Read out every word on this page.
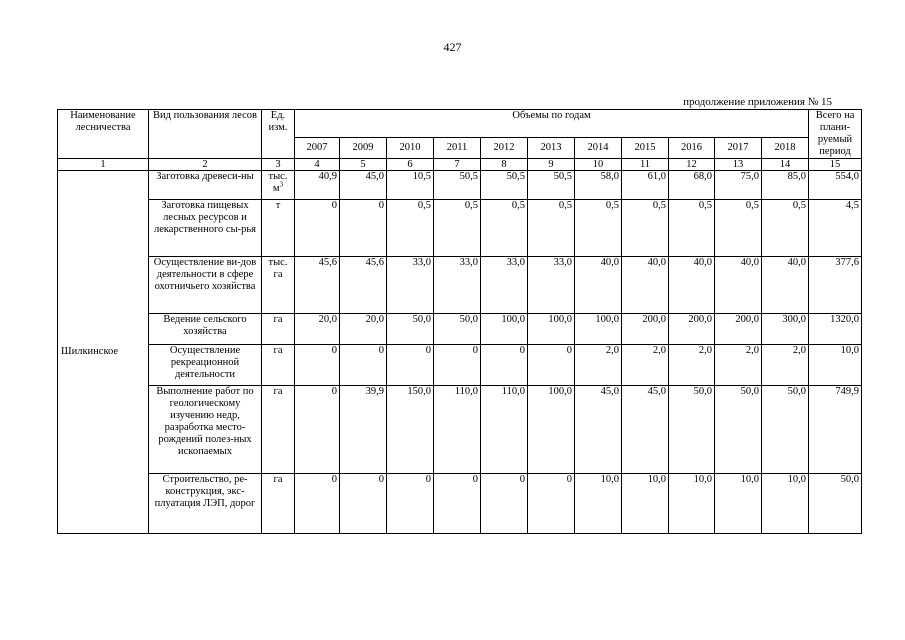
427
продолжение приложения № 15
Наименование лесничества	Вид пользования лесов	Ед. изм.	Объемы по годам											Всего на плани-руемый период
			2007	2009	2010	2011	2012	2013	2014	2015	2016	2017	2018	
1	2	3	4	5	6	7	8	9	10	11	12	13	14	15
Шилкинское	Заготовка древеси-ны	тыс. $м^3$	40,9	45,0	10,5	50,5	50,5	50,5	58,0	61,0	68,0	75,0	85,0	554,0
	Заготовка пищевых лесных ресурсов и лекарственного сы-рья	т	0	0	0,5	0,5	0,5	0,5	0,5	0,5	0,5	0,5	0,5	4,5
	Осуществление ви-дов деятельности в сфере охотничьего хозяйства	тыс. га	45,6	45,6	33,0	33,0	33,0	33,0	40,0	40,0	40,0	40,0	40,0	377,6
	Ведение сельского хозяйства	га	20,0	20,0	50,0	50,0	100,0	100,0	100,0	200,0	200,0	200,0	300,0	1320,0
	Осуществление рекреационной деятельности	га	0	0	0	0	0	0	2,0	2,0	2,0	2,0	2,0	10,0
	Выполнение работ по геологическому изучению недр, разработка место-рождений полез-ных ископаемых	га	0	39,9	150,0	110,0	110,0	100,0	45,0	45,0	50,0	50,0	50,0	749,9
	Строительство, ре-конструкция, экс-плуатация ЛЭП, дорог	га	0	0	0	0	0	0	10,0	10,0	10,0	10,0	10,0	50,0
